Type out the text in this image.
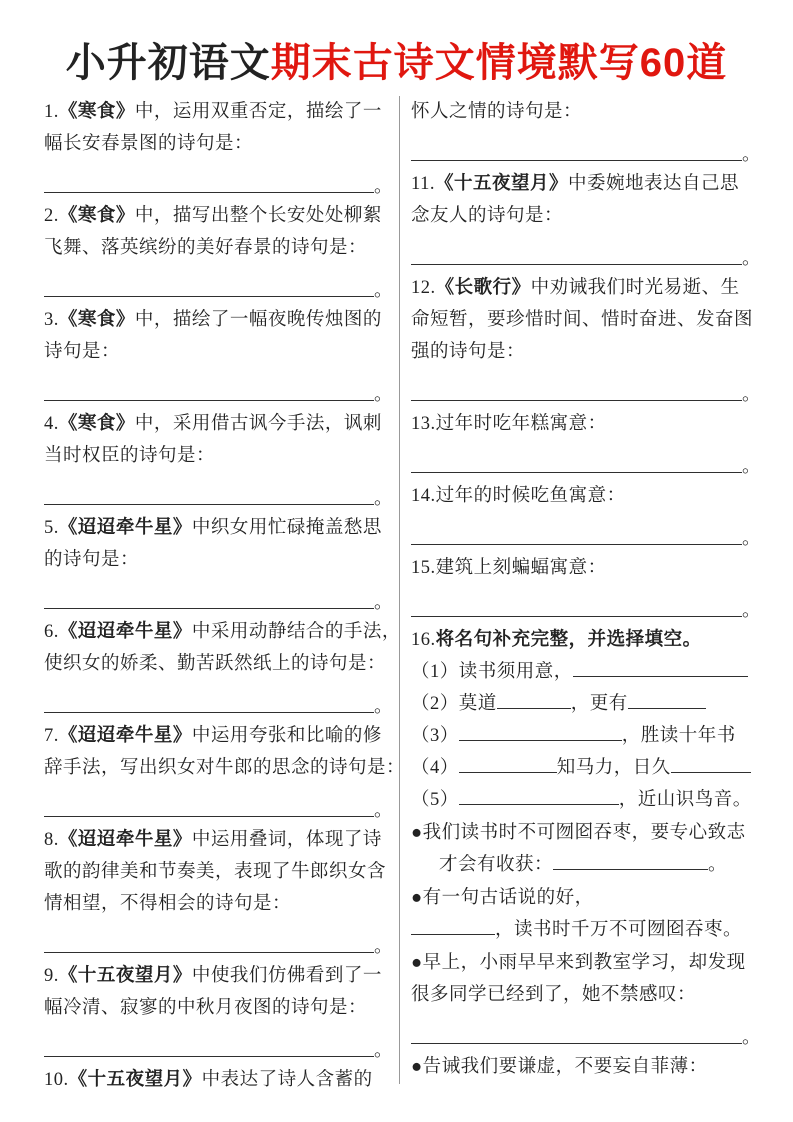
小升初语文期末古诗文情境默写60道
1.《寒食》中，运用双重否定，描绘了一
幅长安春景图的诗句是：
。
2.《寒食》中，描写出整个长安处处柳絮
飞舞、落英缤纷的美好春景的诗句是：
。
3.《寒食》中，描绘了一幅夜晚传烛图的
诗句是：
。
4.《寒食》中，采用借古讽今手法，讽刺
当时权臣的诗句是：
。
5.《迢迢牵牛星》中织女用忙碌掩盖愁思
的诗句是：
。
6.《迢迢牵牛星》中采用动静结合的手法，
使织女的娇柔、勤苦跃然纸上的诗句是：
。
7.《迢迢牵牛星》中运用夸张和比喻的修
辞手法，写出织女对牛郎的思念的诗句是：
。
8.《迢迢牵牛星》中运用叠词，体现了诗
歌的韵律美和节奏美，表现了牛郎织女含
情相望，不得相会的诗句是：
。
9.《十五夜望月》中使我们仿佛看到了一
幅冷清、寂寥的中秋月夜图的诗句是：
。
10.《十五夜望月》中表达了诗人含蓄的
怀人之情的诗句是：
。
11.《十五夜望月》中委婉地表达自己思
念友人的诗句是：
。
12.《长歌行》中劝诫我们时光易逝、生
命短暂，要珍惜时间、惜时奋进、发奋图
强的诗句是：
。
13.过年时吃年糕寓意：
。
14.过年的时候吃鱼寓意：
。
15.建筑上刻蝙蝠寓意：
。
16.将名句补充完整，并选择填空。
（1）读书须用意，
（2）莫道	，更有
（3）	，胜读十年书
（4）	知马力，日久
（5）	，近山识鸟音。
●我们读书时不可囫囵吞枣，要专心致志
才会有收获：	。
●有一句古话说的好，
，读书时千万不可囫囵吞枣。
●早上，小雨早早来到教室学习，却发现
很多同学已经到了，她不禁感叹：
。
●告诫我们要谦虚，不要妄自菲薄：
